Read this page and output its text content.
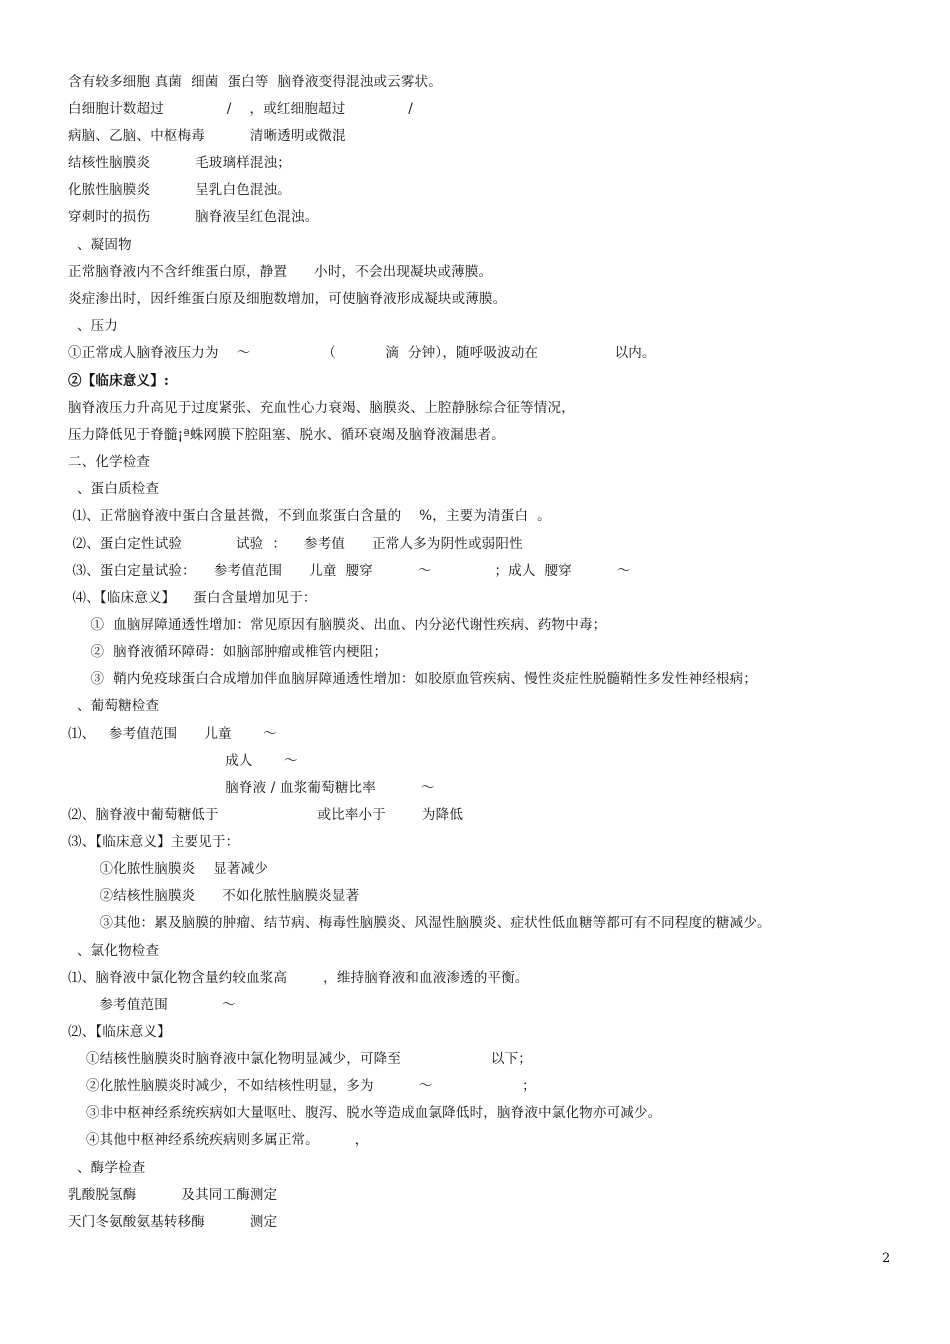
含有较多细胞 真菌  细菌  蛋白等  脑脊液变得混浊或云雾状。
白细胞计数超过              /    ，或红细胞超过              /
病脑、乙脑、中枢梅毒          清晰透明或微混
结核性脑膜炎          毛玻璃样混浊；
化脓性脑膜炎          呈乳白色混浊。
穿刺时的损伤          脑脊液呈红色混浊。
、凝固物
正常脑脊液内不含纤维蛋白原，静置      小时，不会出现凝块或薄膜。
炎症渗出时，因纤维蛋白原及细胞数增加，可使脑脊液形成凝块或薄膜。
、压力
①正常成人脑脊液压力为    ～                （           滴  分钟），随呼吸波动在                 以内。
②【临床意义】:
脑脊液压力升高见于过度紧张、充血性心力衰竭、脑膜炎、上腔静脉综合征等情况，
压力降低见于脊髓¡ª蛛网膜下腔阻塞、脱水、循环衰竭及脑脊液漏患者。
二、化学检查
、蛋白质检查
⑴、正常脑脊液中蛋白含量甚微，不到血浆蛋白含量的    %，主要为清蛋白  。
⑵、蛋白定性试验            试验  ：    参考值      正常人多为阴性或弱阳性
⑶、蛋白定量试验：    参考值范围      儿童  腰穿          ～              ；成人  腰穿          ～
⑷、【临床意义】    蛋白含量增加见于：
①  血脑屏障通透性增加：常见原因有脑膜炎、出血、内分泌代谢性疾病、药物中毒；
②  脑脊液循环障碍：如脑部肿瘤或椎管内梗阻；
③  鞘内免疫球蛋白合成增加伴血脑屏障通透性增加：如胶原血管疾病、慢性炎症性脱髓鞘性多发性神经根病；
、葡萄糖检查
⑴、   参考值范围      儿童       ～
成人       ～
脑脊液 / 血浆葡萄糖比率          ～
⑵、脑脊液中葡萄糖低于                      或比率小于        为降低
⑶、【临床意义】主要见于：
①化脓性脑膜炎    显著减少
②结核性脑膜炎      不如化脓性脑膜炎显著
③其他：累及脑膜的肿瘤、结节病、梅毒性脑膜炎、风湿性脑膜炎、症状性低血糖等都可有不同程度的糖减少。
、氯化物检查
⑴、脑脊液中氯化物含量约较血浆高        ，维持脑脊液和血液渗透的平衡。
参考值范围            ～
⑵、【临床意义】
①结核性脑膜炎时脑脊液中氯化物明显减少，可降至                    以下；
②化脓性脑膜炎时减少，不如结核性明显，多为          ～                    ；
③非中枢神经系统疾病如大量呕吐、腹泻、脱水等造成血氯降低时，脑脊液中氯化物亦可减少。
④其他中枢神经系统疾病则多属正常。        ，
、酶学检查
乳酸脱氢酶          及其同工酶测定
天门冬氨酸氨基转移酶          测定
2
